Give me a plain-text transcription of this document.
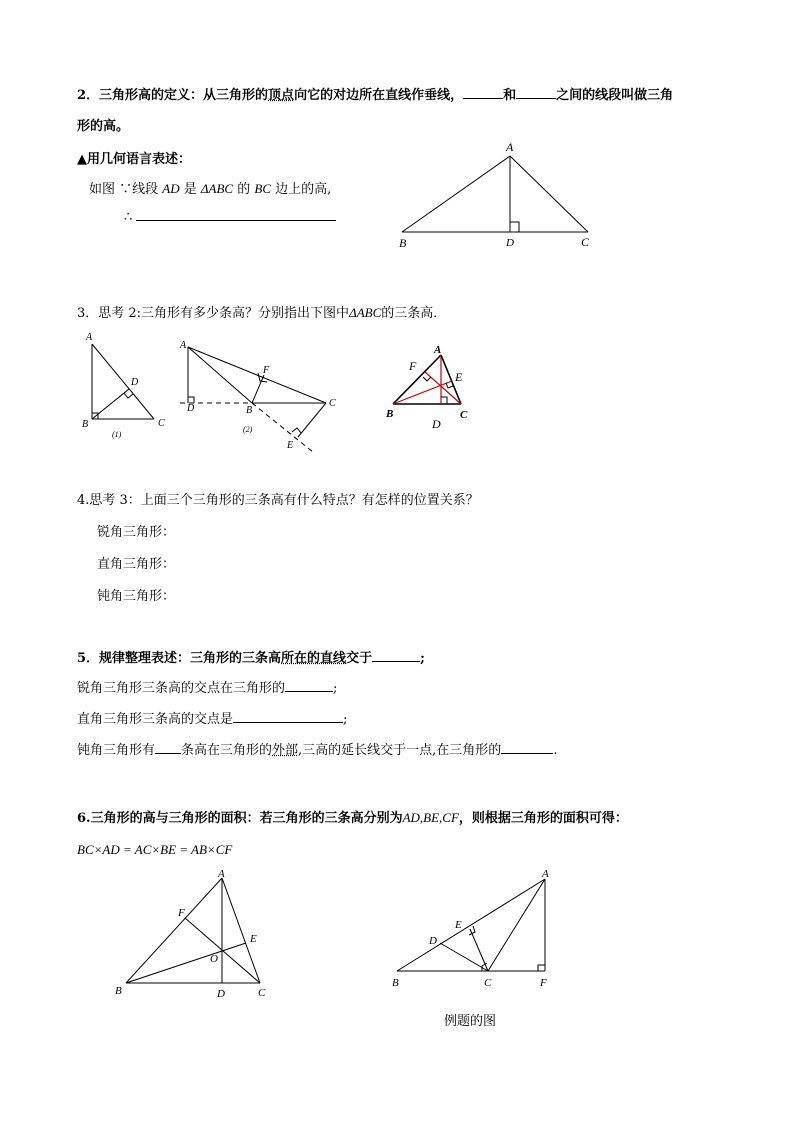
2．三角形高的定义：从三角形的顶点向它的对边所在直线作垂线，	和	之间的线段叫做三角
形的高。
▲用几何语言表述：
如图 ∵线段 AD 是 ΔABC 的 BC 边上的高,
∴
A
B	C
D
3．思考 2:三角形有多少条高？分别指出下图中ΔABC的三条高．
A
B	C
D
(1)
A
B
C
D
E
F
(2)
A
B	C
D
E
F
4.思考 3：上面三个三角形的三条高有什么特点？有怎样的位置关系？
锐角三角形：
直角三角形：
钝角三角形：
5．规律整理表述：三角形的三条高所在的直线交于	;
锐角三角形三条高的交点在三角形的	;
直角三角形三条高的交点是	;
钝角三角形有 条高在三角形的外部,三高的延长线交于一点,在三角形的	.
6.三角形的高与三角形的面积：若三角形的三条高分别为AD,BE,CF，则根据三角形的面积可得：
BC×AD = AC×BE = AB×CF
A
B	C
D
E
F
O
A
B	C
D
E
F
例题的图
